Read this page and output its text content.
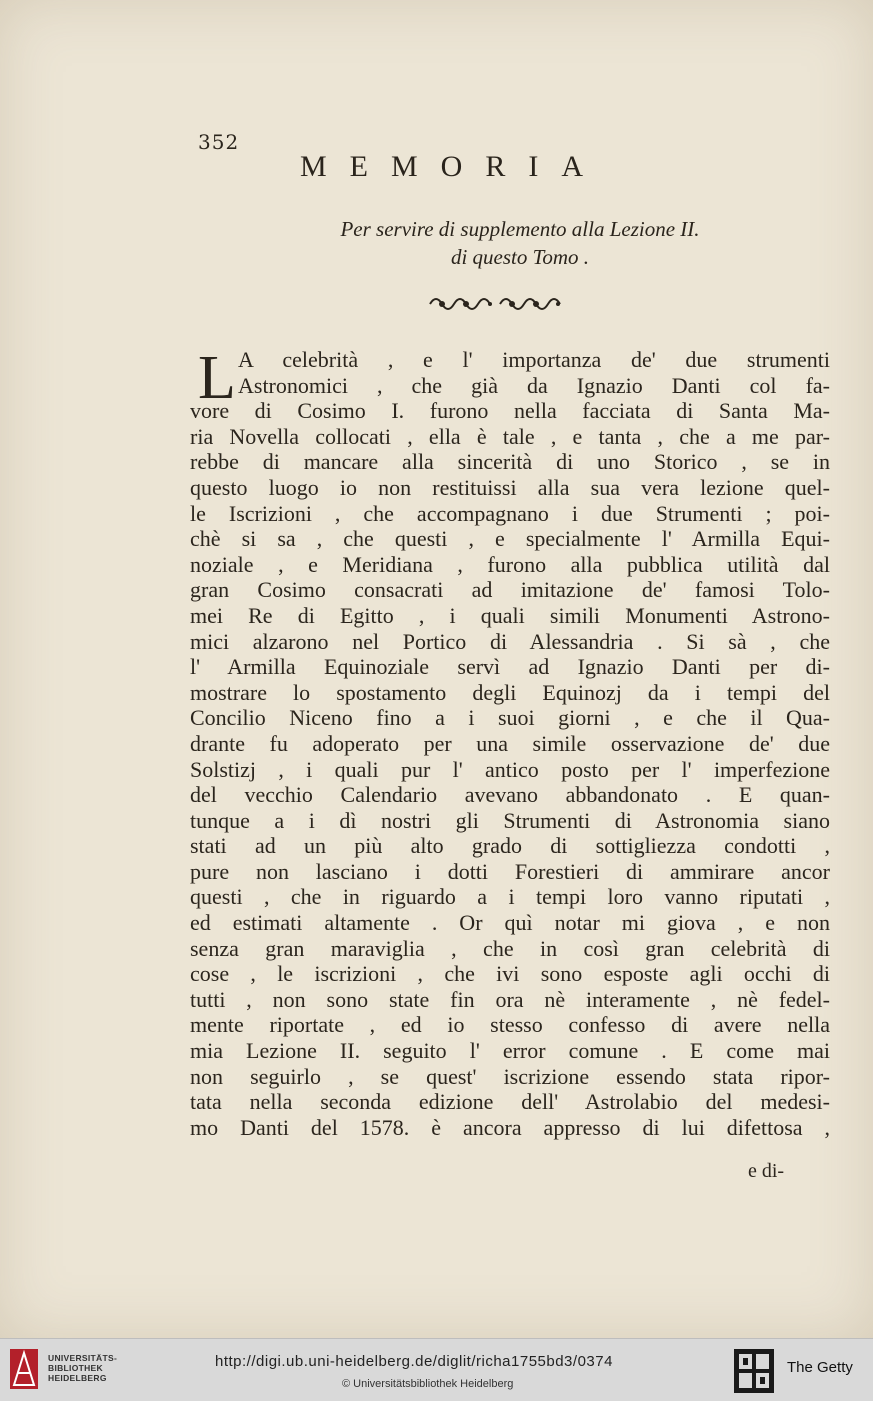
352
MEMORIA
Per servire di supplemento alla Lezione II.
di questo Tomo .
L A celebrità , e l' importanza de' due strumenti
Astronomici , che già da Ignazio Danti col fa-
vore di Cosimo I. furono nella facciata di Santa Ma-
ria Novella collocati , ella è tale , e tanta , che a me par-
rebbe di mancare alla sincerità di uno Storico , se in
questo luogo io non restituissi alla sua vera lezione quel-
le Iscrizioni , che accompagnano i due Strumenti ; poi-
chè si sa , che questi , e specialmente l' Armilla Equi-
noziale , e Meridiana , furono alla pubblica utilità dal
gran Cosimo consacrati ad imitazione de' famosi Tolo-
mei Re di Egitto , i quali simili Monumenti Astrono-
mici alzarono nel Portico di Alessandria . Si sà , che
l' Armilla Equinoziale servì ad Ignazio Danti per di-
mostrare lo spostamento degli Equinozj da i tempi del
Concilio Niceno fino a i suoi giorni , e che il Qua-
drante fu adoperato per una simile osservazione de' due
Solstizj , i quali pur l' antico posto per l' imperfezione
del vecchio Calendario avevano abbandonato . E quan-
tunque a i dì nostri gli Strumenti di Astronomia siano
stati ad un più alto grado di sottigliezza condotti ,
pure non lasciano i dotti Forestieri di ammirare ancor
questi , che in riguardo a i tempi loro vanno riputati ,
ed estimati altamente . Or quì notar mi giova , e non
senza gran maraviglia , che in così gran celebrità di
cose , le iscrizioni , che ivi sono esposte agli occhi di
tutti , non sono state fin ora nè interamente , nè fedel-
mente riportate , ed io stesso confesso di avere nella
mia Lezione II. seguito l' error comune . E come mai
non seguirlo , se quest' iscrizione essendo stata ripor-
tata nella seconda edizione dell' Astrolabio del medesi-
mo Danti del 1578. è ancora appresso di lui difettosa ,
e di-
UNIVERSITÄTS-
BIBLIOTHEK
HEIDELBERG
http://digi.ub.uni-heidelberg.de/diglit/richa1755bd3/0374
© Universitätsbibliothek Heidelberg
The Getty
